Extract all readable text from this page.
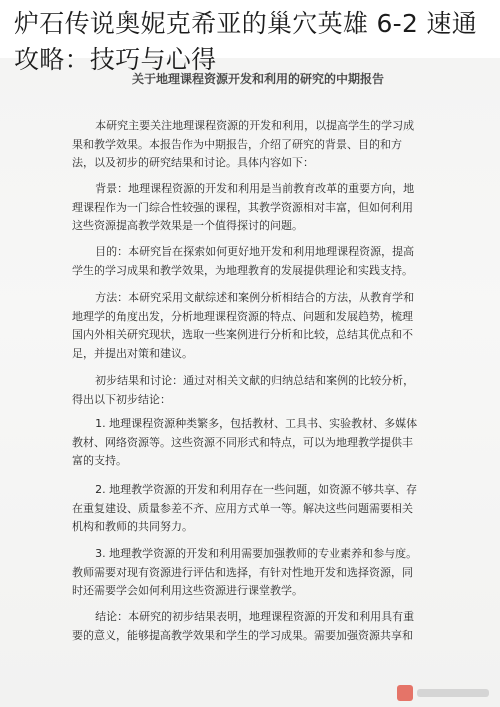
炉石传说奥妮克希亚的巢穴英雄 6-2 速通攻略：技巧与心得
关于地理课程资源开发和利用的研究的中期报告
本研究主要关注地理课程资源的开发和利用，以提高学生的学习成果和教学效果。本报告作为中期报告，介绍了研究的背景、目的和方法，以及初步的研究结果和讨论。具体内容如下：
背景：地理课程资源的开发和利用是当前教育改革的重要方向，地理课程作为一门综合性较强的课程，其教学资源相对丰富，但如何利用这些资源提高教学效果是一个值得探讨的问题。
目的：本研究旨在探索如何更好地开发和利用地理课程资源，提高学生的学习成果和教学效果，为地理教育的发展提供理论和实践支持。
方法：本研究采用文献综述和案例分析相结合的方法，从教育学和地理学的角度出发，分析地理课程资源的特点、问题和发展趋势，梳理国内外相关研究现状，选取一些案例进行分析和比较，总结其优点和不足，并提出对策和建议。
初步结果和讨论：通过对相关文献的归纳总结和案例的比较分析，得出以下初步结论：
1. 地理课程资源种类繁多，包括教材、工具书、实验教材、多媒体教材、网络资源等。这些资源不同形式和特点，可以为地理教学提供丰富的支持。
2. 地理教学资源的开发和利用存在一些问题，如资源不够共享、存在重复建设、质量参差不齐、应用方式单一等。解决这些问题需要相关机构和教师的共同努力。
3. 地理教学资源的开发和利用需要加强教师的专业素养和参与度。教师需要对现有资源进行评估和选择，有针对性地开发和选择资源，同时还需要学会如何利用这些资源进行课堂教学。
结论：本研究的初步结果表明，地理课程资源的开发和利用具有重要的意义，能够提高教学效果和学生的学习成果。需要加强资源共享和
